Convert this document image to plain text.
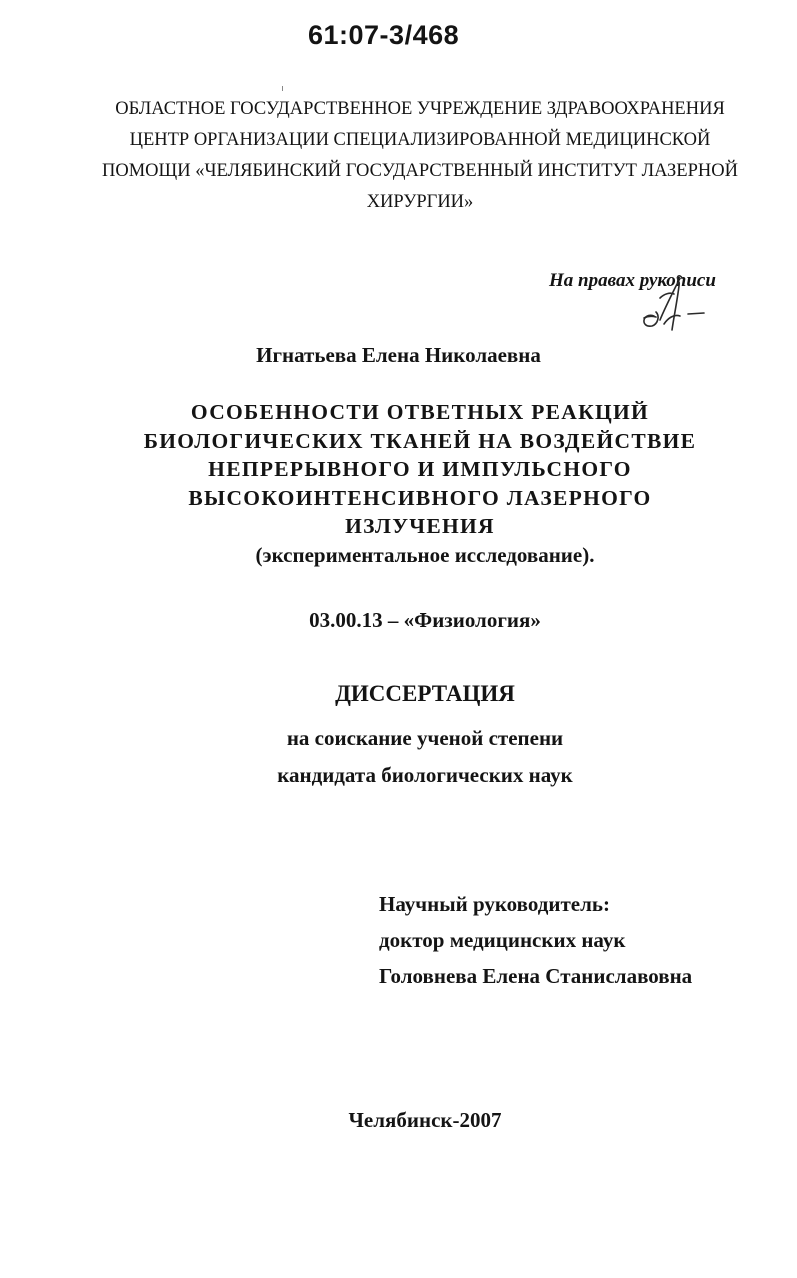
61:07-3/468
ОБЛАСТНОЕ ГОСУДАРСТВЕННОЕ УЧРЕЖДЕНИЕ ЗДРАВООХРАНЕНИЯ
ЦЕНТР ОРГАНИЗАЦИИ СПЕЦИАЛИЗИРОВАННОЙ МЕДИЦИНСКОЙ
ПОМОЩИ «ЧЕЛЯБИНСКИЙ ГОСУДАРСТВЕННЫЙ ИНСТИТУТ ЛАЗЕРНОЙ
ХИРУРГИИ»
На правах рукописи
Игнатьева Елена Николаевна
ОСОБЕННОСТИ ОТВЕТНЫХ РЕАКЦИЙ
БИОЛОГИЧЕСКИХ ТКАНЕЙ НА ВОЗДЕЙСТВИЕ
НЕПРЕРЫВНОГО И ИМПУЛЬСНОГО
ВЫСОКОИНТЕНСИВНОГО ЛАЗЕРНОГО
ИЗЛУЧЕНИЯ
(экспериментальное исследование).
03.00.13 – «Физиология»
ДИССЕРТАЦИЯ
на соискание ученой степени
кандидата биологических наук
Научный руководитель:
доктор медицинских наук
Головнева Елена Станиславовна
Челябинск-2007
